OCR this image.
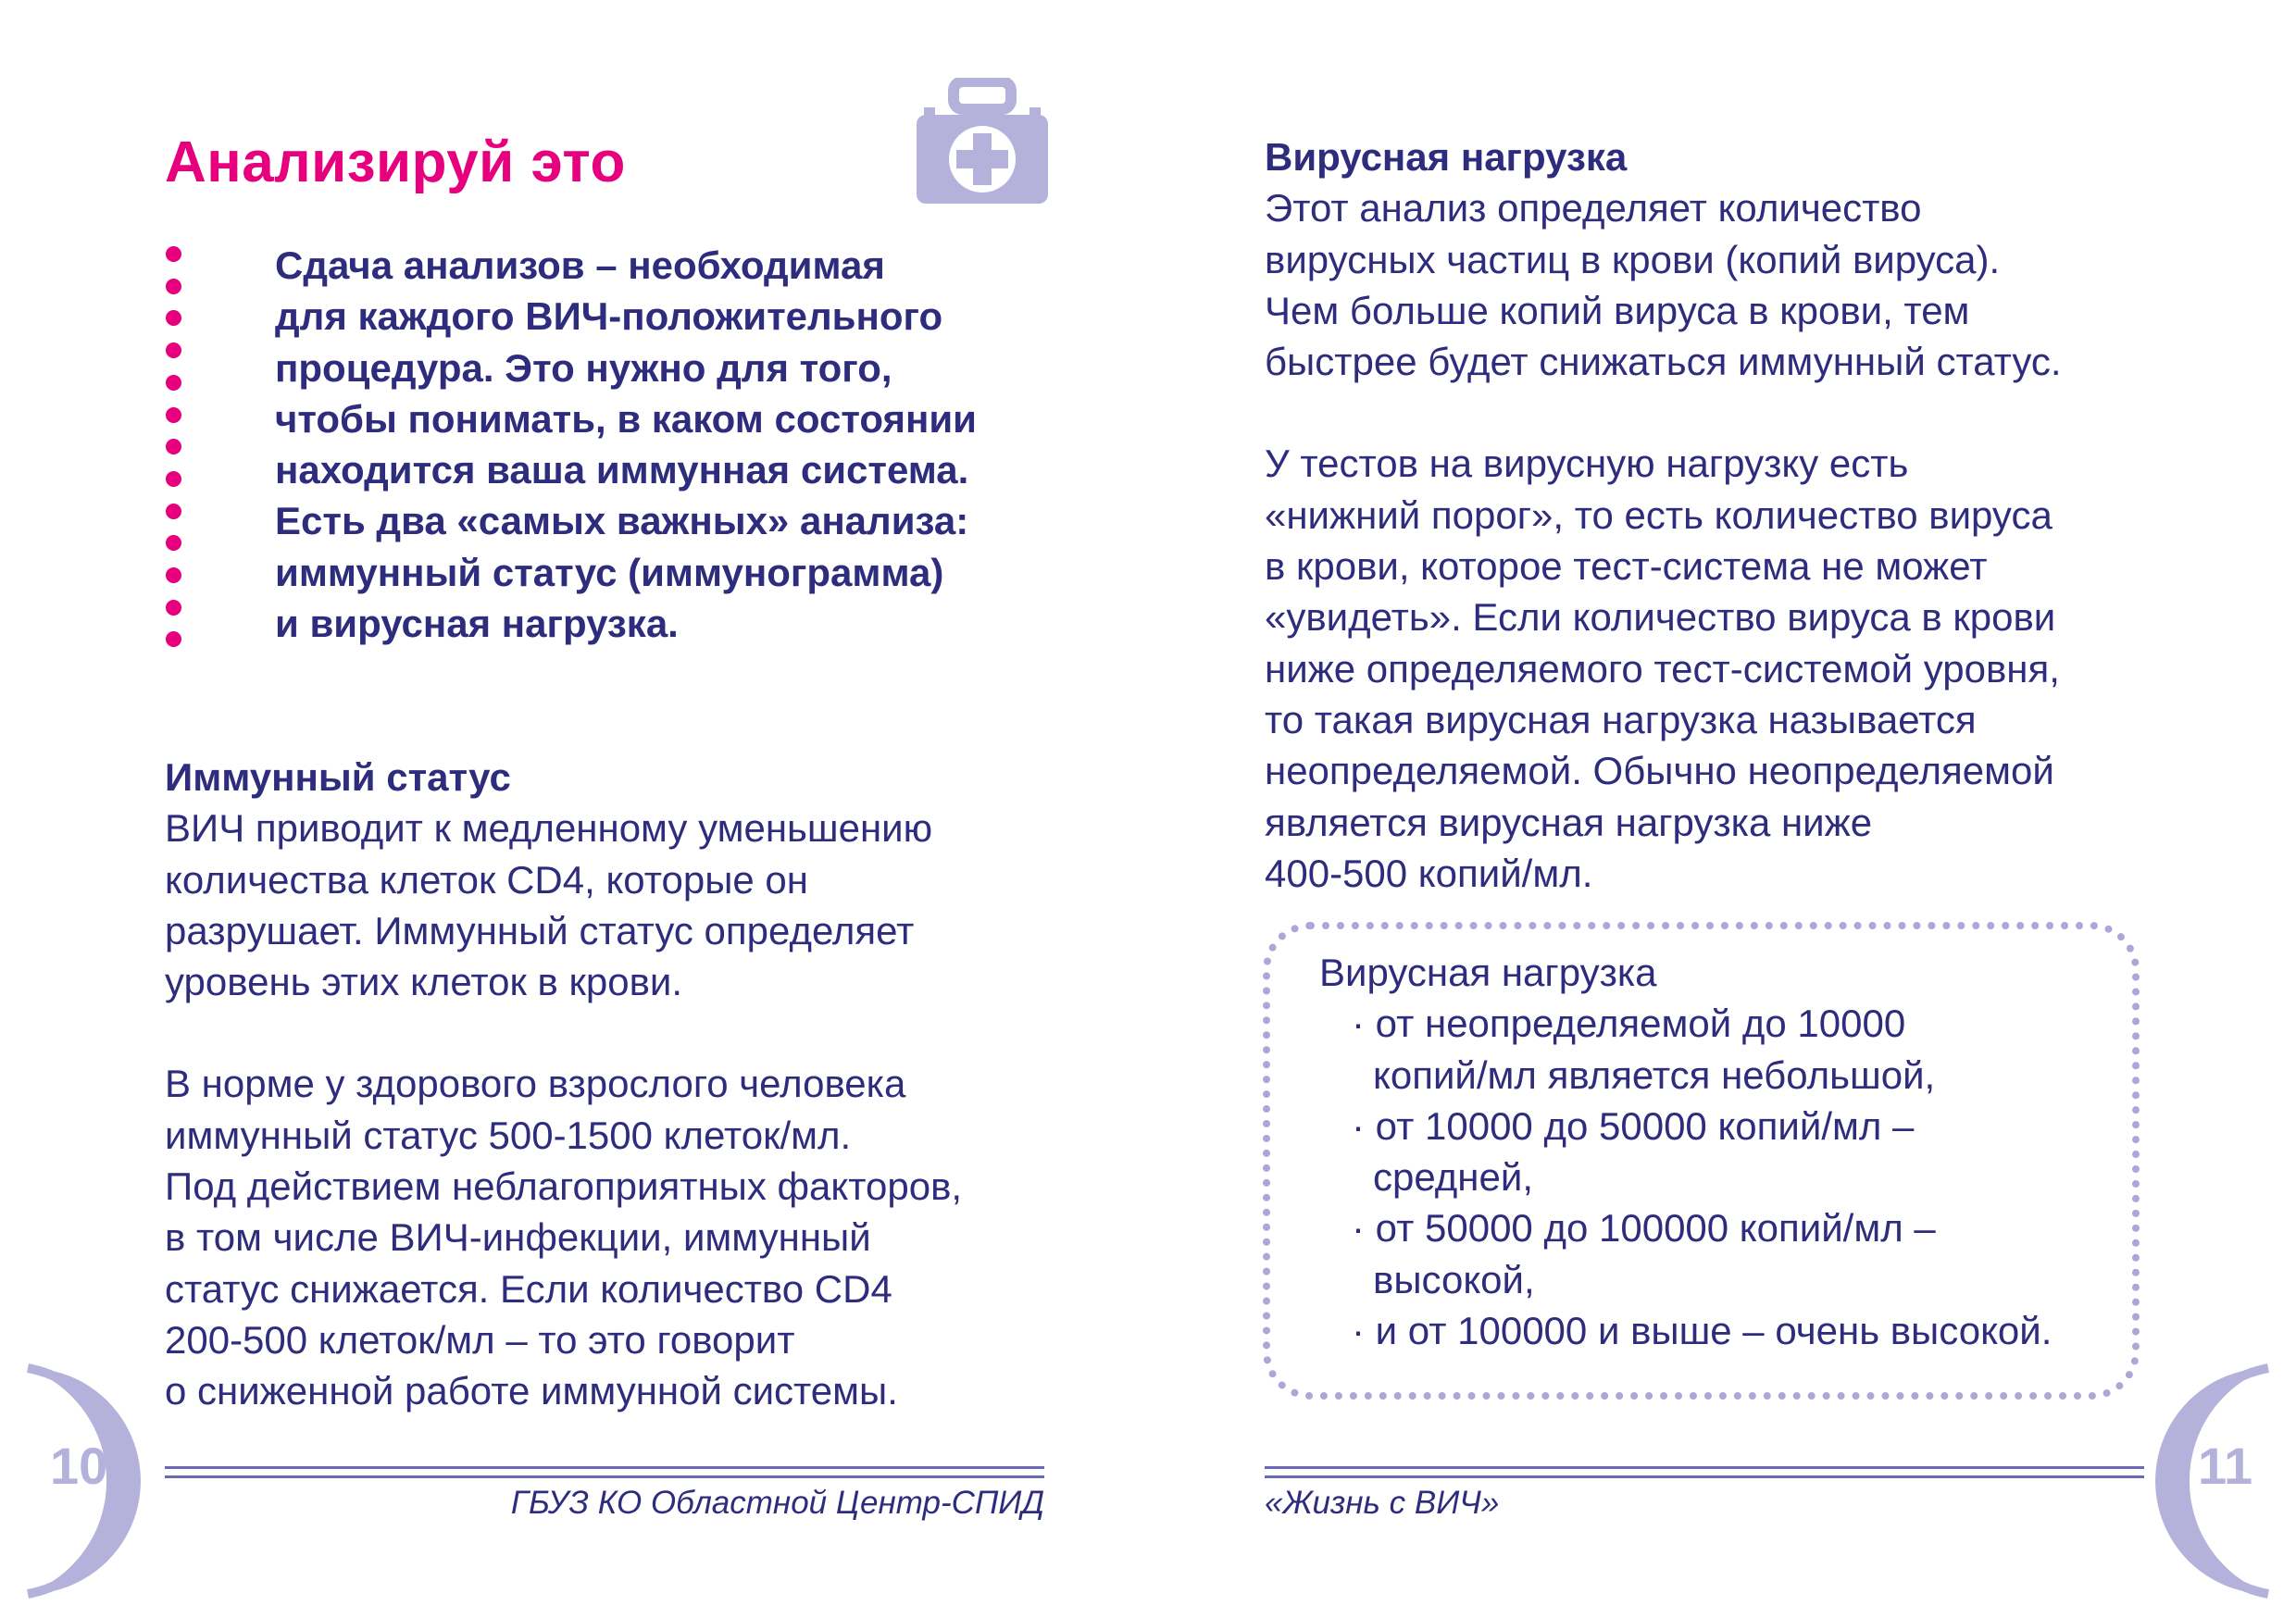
Анализируй это
Сдача анализов – необходимая
для каждого ВИЧ-положительного
процедура. Это нужно для того,
чтобы понимать, в каком состоянии
находится ваша иммунная система.
Есть два «самых важных» анализа:
иммунный статус (иммунограмма)
и вирусная нагрузка.
Иммунный статус
ВИЧ приводит к медленному уменьшению
количества клеток CD4, которые он
разрушает. Иммунный статус определяет
уровень этих клеток в крови.
В норме у здорового взрослого человека
иммунный статус 500-1500 клеток/мл.
Под действием неблагоприятных факторов,
в том числе ВИЧ-инфекции, иммунный
статус снижается. Если количество CD4
200-500 клеток/мл – то это говорит
о сниженной работе иммунной системы.
10
ГБУЗ КО Областной Центр-СПИД
Вирусная нагрузка
Этот анализ определяет количество
вирусных частиц в крови (копий вируса).
Чем больше копий вируса в крови, тем
быстрее будет снижаться иммунный статус.
У тестов на вирусную нагрузку есть
«нижний порог», то есть количество вируса
в крови, которое тест-система не может
«увидеть». Если количество вируса в крови
ниже определяемого тест-системой уровня,
то такая вирусная нагрузка называется
неопределяемой. Обычно неопределяемой
является вирусная нагрузка ниже
400-500 копий/мл.
Вирусная нагрузка
· от неопределяемой до 10000
копий/мл является небольшой,
· от 10000 до 50000 копий/мл –
средней,
· от 50000 до 100000 копий/мл –
высокой,
· и от 100000 и выше – очень высокой.
«Жизнь с ВИЧ»
11
